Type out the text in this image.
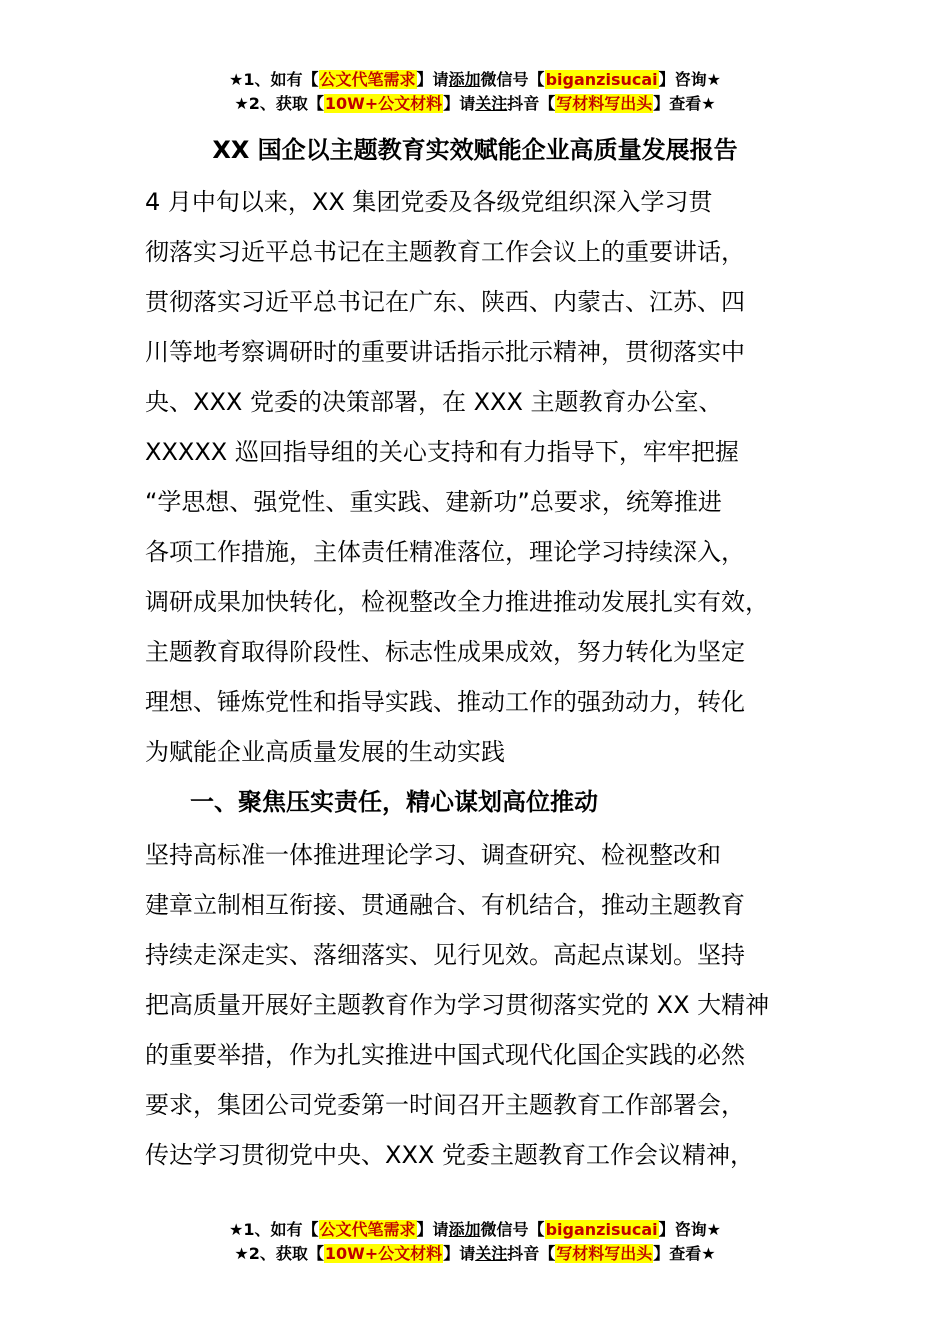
★1、如有【公文代笔需求】请添加微信号【biganzisucai】咨询★
★2、获取【10W+公文材料】请关注抖音【写材料写出头】查看★
XX 国企以主题教育实效赋能企业高质量发展报告
4 月中旬以来，XX 集团党委及各级党组织深入学习贯
彻落实习近平总书记在主题教育工作会议上的重要讲话，
贯彻落实习近平总书记在广东、陕西、内蒙古、江苏、四
川等地考察调研时的重要讲话指示批示精神，贯彻落实中
央、XXX 党委的决策部署，在 XXX 主题教育办公室、
XXXXX 巡回指导组的关心支持和有力指导下，牢牢把握
“学思想、强党性、重实践、建新功”总要求，统筹推进
各项工作措施，主体责任精准落位，理论学习持续深入，
调研成果加快转化，检视整改全力推进推动发展扎实有效，
主题教育取得阶段性、标志性成果成效，努力转化为坚定
理想、锤炼党性和指导实践、推动工作的强劲动力，转化
为赋能企业高质量发展的生动实践
一、聚焦压实责任，精心谋划高位推动
坚持高标准一体推进理论学习、调查研究、检视整改和
建章立制相互衔接、贯通融合、有机结合，推动主题教育
持续走深走实、落细落实、见行见效。高起点谋划。坚持
把高质量开展好主题教育作为学习贯彻落实党的 XX 大精神
的重要举措，作为扎实推进中国式现代化国企实践的必然
要求，集团公司党委第一时间召开主题教育工作部署会，
传达学习贯彻党中央、XXX 党委主题教育工作会议精神，
★1、如有【公文代笔需求】请添加微信号【biganzisucai】咨询★
★2、获取【10W+公文材料】请关注抖音【写材料写出头】查看★
